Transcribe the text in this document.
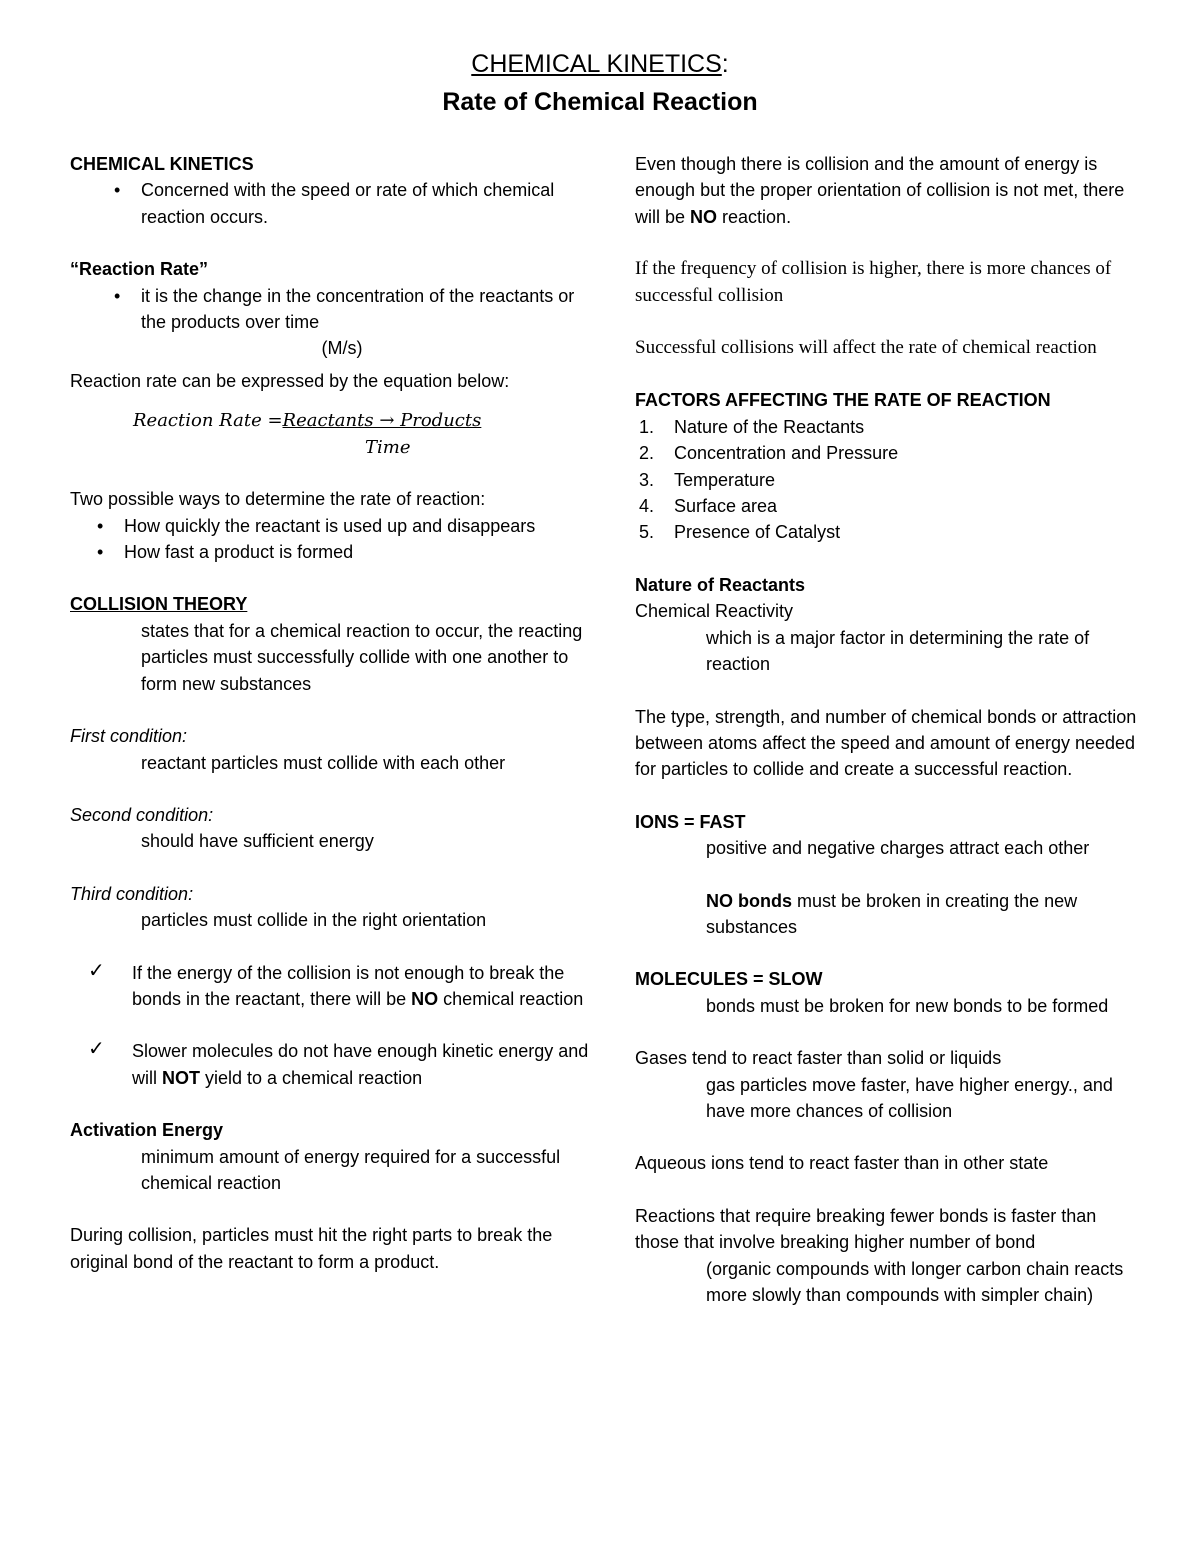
CHEMICAL KINETICS:
Rate of Chemical Reaction

CHEMICAL KINETICS

• Concerned with the speed or rate of which chemical reaction occurs.

“Reaction Rate”

• it is the change in the concentration of the reactants or the products over time

(M/s)

Reaction rate can be expressed by the equation below:

Reaction Rate =Reactants → Products
Time

Two possible ways to determine the rate of reaction:

• How quickly the reactant is used up and disappears
• How fast a product is formed

COLLISION THEORY

states that for a chemical reaction to occur, the reacting particles must successfully collide with one another to form new substances

First condition:

reactant particles must collide with each other

Second condition:

should have sufficient energy

Third condition:

particles must collide in the right orientation

✓ If the energy of the collision is not enough to break the bonds in the reactant, there will be NO chemical reaction
✓ Slower molecules do not have enough kinetic energy and will NOT yield to a chemical reaction

Activation Energy

minimum amount of energy required for a successful chemical reaction

During collision, particles must hit the right parts to break the original bond of the reactant to form a product.

Even though there is collision and the amount of energy is enough but the proper orientation of collision is not met, there will be NO reaction.

If the frequency of collision is higher, there is more chances of successful collision

Successful collisions will affect the rate of chemical reaction

FACTORS AFFECTING THE RATE OF REACTION

1. Nature of the Reactants
2. Concentration and Pressure
3. Temperature
4. Surface area
5. Presence of Catalyst

Nature of Reactants

Chemical Reactivity

which is a major factor in determining the rate of reaction

The type, strength, and number of chemical bonds or attraction between atoms affect the speed and amount of energy needed for particles to collide and create a successful reaction.

IONS = FAST

positive and negative charges attract each other

NO bonds must be broken in creating the new substances

MOLECULES = SLOW

bonds must be broken for new bonds to be formed

Gases tend to react faster than solid or liquids

gas particles move faster, have higher energy., and have more chances of collision

Aqueous ions tend to react faster than in other state

Reactions that require breaking fewer bonds is faster than those that involve breaking higher number of bond

(organic compounds with longer carbon chain reacts more slowly than compounds with simpler chain)
